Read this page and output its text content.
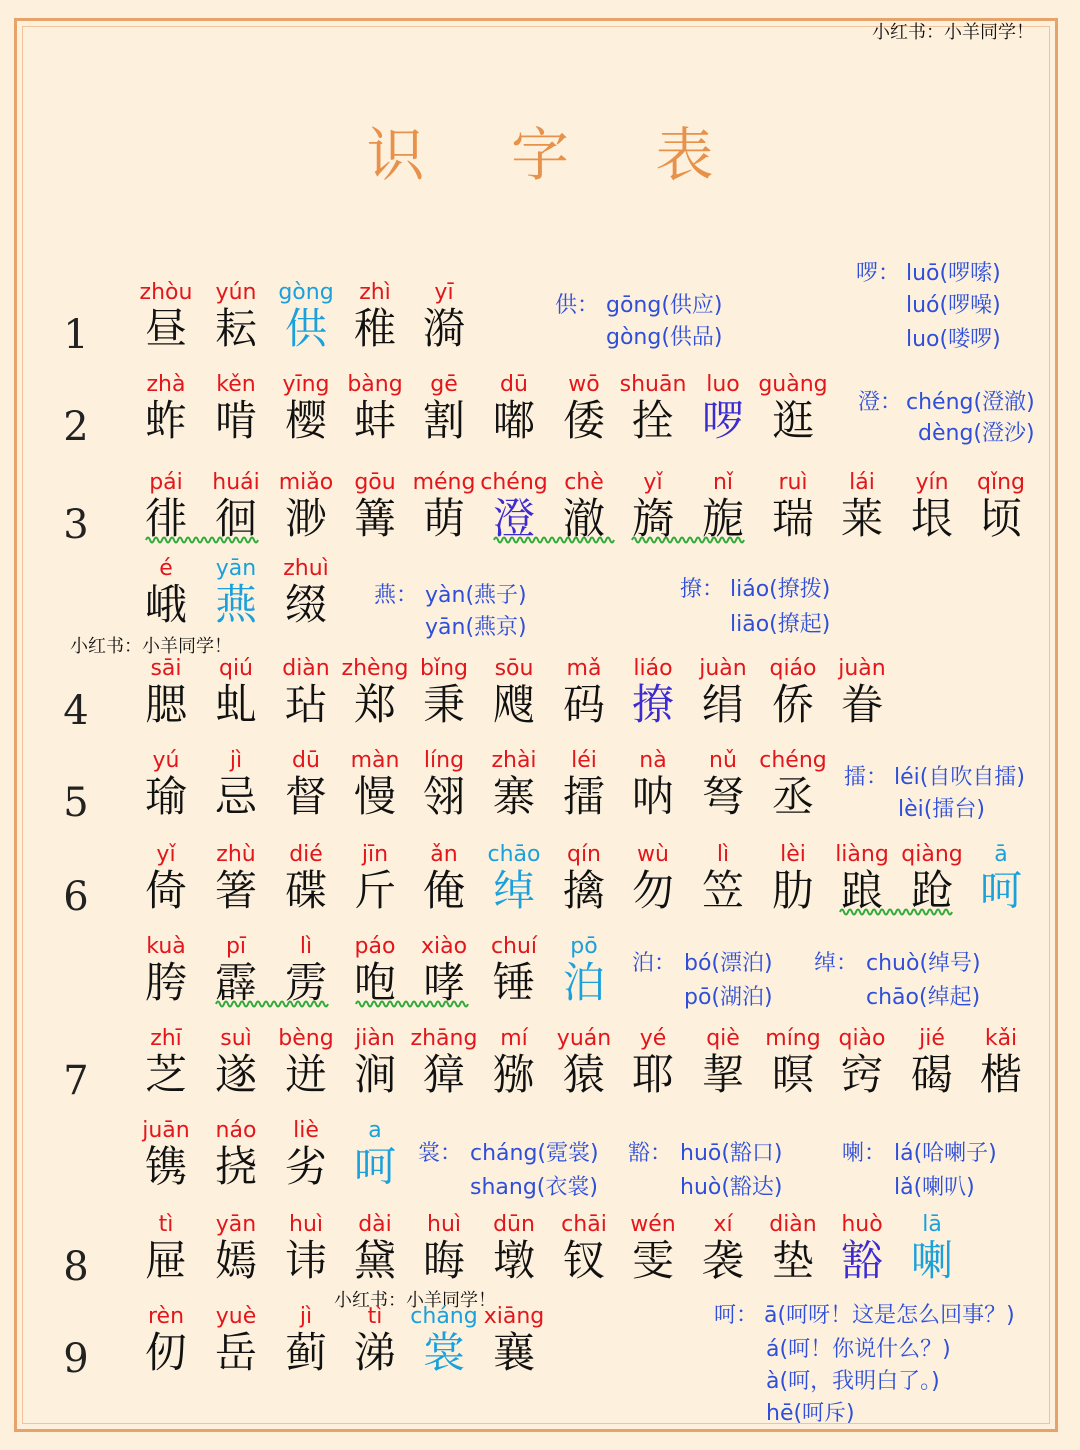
小红书：小羊同学！
小红书：小羊同学！
小红书：小羊同学！
识 字 表
1
zhòu
昼
yún
耘
gòng
供
zhì
稚
yī
漪
2
zhà
蚱
kěn
啃
yīng
樱
bàng
蚌
gē
割
dū
嘟
wō
倭
shuān
拴
luo
啰
guàng
逛
3
pái
徘
huái
徊
miǎo
渺
gōu
篝
méng
萌
chéng
澄
chè
澈
yǐ
旖
nǐ
旎
ruì
瑞
lái
莱
yín
垠
qǐng
顷
é
峨
yān
燕
zhuì
缀
4
sāi
腮
qiú
虬
diàn
玷
zhèng
郑
bǐng
秉
sōu
飕
mǎ
码
liáo
撩
juàn
绢
qiáo
侨
juàn
眷
5
yú
瑜
jì
忌
dū
督
màn
慢
líng
翎
zhài
寨
léi
擂
nà
呐
nǔ
弩
chéng
丞
6
yǐ
倚
zhù
箸
dié
碟
jīn
斤
ǎn
俺
chāo
绰
qín
擒
wù
勿
lì
笠
lèi
肋
liàng
踉
qiàng
跄
ā
呵
kuà
胯
pī
霹
lì
雳
páo
咆
xiào
哮
chuí
锤
pō
泊
7
zhī
芝
suì
遂
bèng
迸
jiàn
涧
zhāng
獐
mí
猕
yuán
猿
yé
耶
qiè
挈
míng
暝
qiào
窍
jié
碣
kǎi
楷
juān
镌
náo
挠
liè
劣
a
呵
8
tì
屉
yān
嫣
huì
讳
dài
黛
huì
晦
dūn
墩
chāi
钗
wén
雯
xí
袭
diàn
垫
huò
豁
lā
喇
9
rèn
仞
yuè
岳
jì
蓟
tì
涕
cháng
裳
xiāng
襄
供： gōng(供应)
gòng(供品)
啰： luō(啰嗦)
luó(啰噪)
luo(喽啰)
澄： chéng(澄澈)
dèng(澄沙)
燕： yàn(燕子)
yān(燕京)
撩： liáo(撩拨)
liāo(撩起)
擂： léi(自吹自擂)
lèi(擂台)
泊： bó(漂泊)
pō(湖泊)
绰： chuò(绰号)
chāo(绰起)
裳： cháng(霓裳)
shang(衣裳)
豁： huō(豁口)
huò(豁达)
喇： lá(哈喇子)
lǎ(喇叭)
呵： ā(呵呀！这是怎么回事？)
á(呵！你说什么？)
à(呵，我明白了。)
hē(呵斥)
